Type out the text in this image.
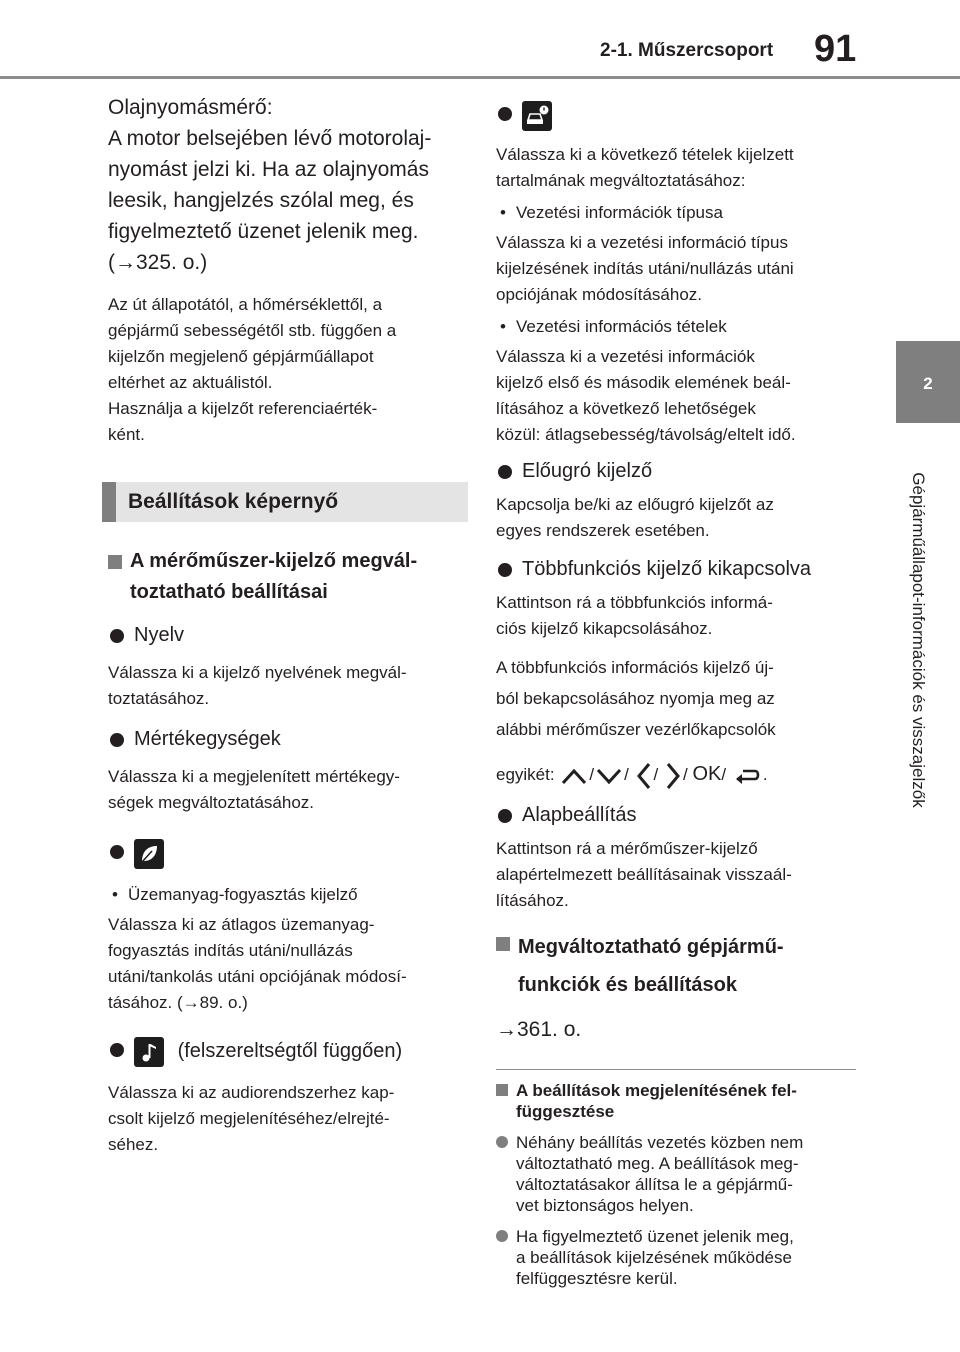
2-1. Műszercsoport 91
2
Gépjárműállapot-információk és visszajelzők
Olajnyomásmérő:
A motor belsejében lévő motorolaj-
nyomást jelzi ki. Ha az olajnyomás
leesik, hangjelzés szólal meg, és
figyelmeztető üzenet jelenik meg.
(→325. o.)
Az út állapotától, a hőmérséklettől, a
gépjármű sebességétől stb. függően a
kijelzőn megjelenő gépjárműállapot
eltérhet az aktuálistól.
Használja a kijelzőt referenciaérték-
ként.
Beállítások képernyő
A mérőműszer-kijelző megvál-
toztatható beállításai
Nyelv
Válassza ki a kijelző nyelvének megvál-
toztatásához.
Mértékegységek
Válassza ki a megjelenített mértékegy-
ségek megváltoztatásához.
• Üzemanyag-fogyasztás kijelző
Válassza ki az átlagos üzemanyag-
fogyasztás indítás utáni/nullázás
utáni/tankolás utáni opciójának módosí-
tásához. (→89. o.)
(felszereltségtől függően)
Válassza ki az audiorendszerhez kap-
csolt kijelző megjelenítéséhez/elrejté-
séhez.
Válassza ki a következő tételek kijelzett
tartalmának megváltoztatásához:
• Vezetési információk típusa
Válassza ki a vezetési információ típus
kijelzésének indítás utáni/nullázás utáni
opciójának módosításához.
• Vezetési információs tételek
Válassza ki a vezetési információk
kijelző első és második elemének beál-
lításához a következő lehetőségek
közül: átlagsebesség/távolság/eltelt idő.
Előugró kijelző
Kapcsolja be/ki az előugró kijelzőt az
egyes rendszerek esetében.
Többfunkciós kijelző kikapcsolva
Kattintson rá a többfunkciós informá-
ciós kijelző kikapcsolásához.
A többfunkciós információs kijelző új-
ból bekapcsolásához nyomja meg az
alábbi mérőműszer vezérlőkapcsolók
egyikét: / / / / OK/ .
Alapbeállítás
Kattintson rá a mérőműszer-kijelző
alapértelmezett beállításainak visszaál-
lításához.
Megváltoztatható gépjármű-
funkciók és beállítások
→361. o.
A beállítások megjelenítésének fel-
függesztése
Néhány beállítás vezetés közben nem
változtatható meg. A beállítások meg-
változtatásakor állítsa le a gépjármű-
vet biztonságos helyen.
Ha figyelmeztető üzenet jelenik meg,
a beállítások kijelzésének működése
felfüggesztésre kerül.
